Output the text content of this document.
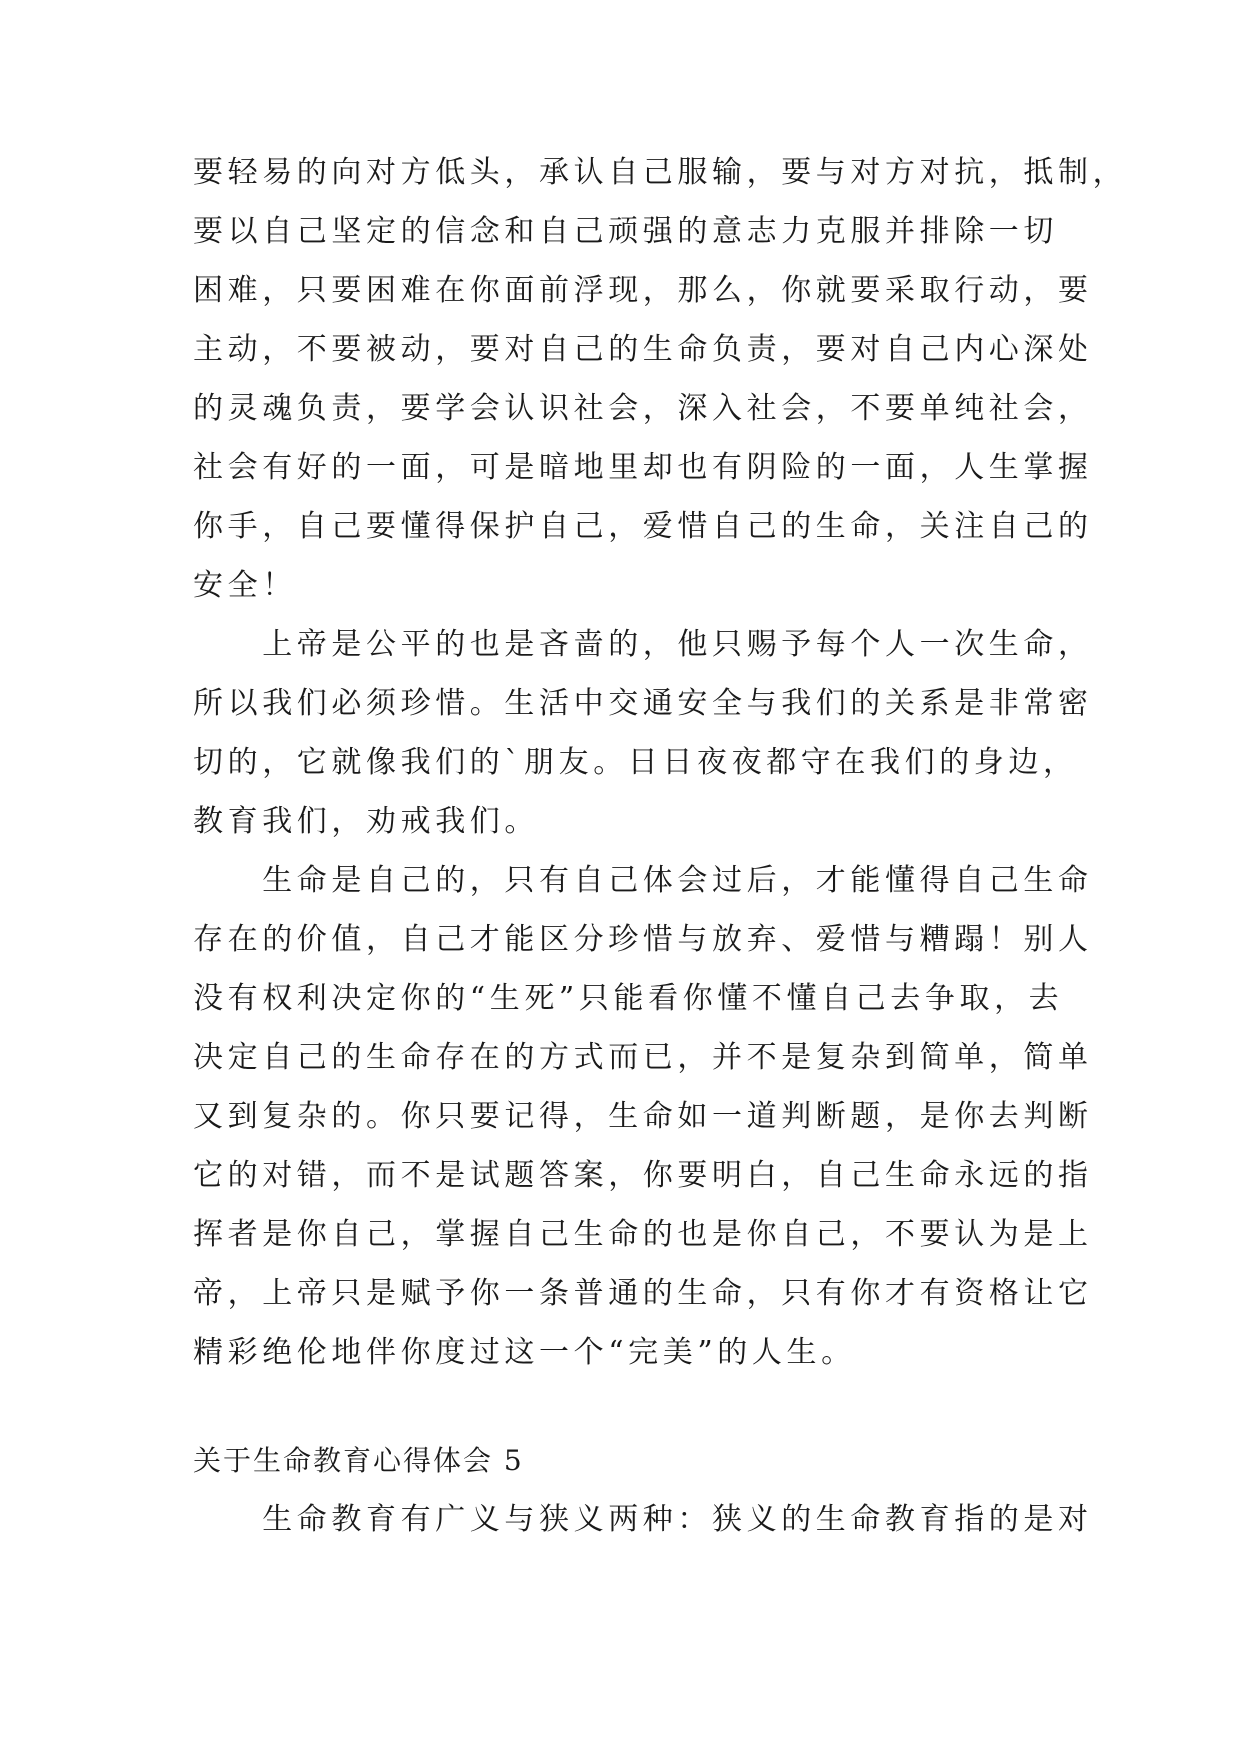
要轻易的向对方低头，承认自己服输，要与对方对抗，抵制，
要以自己坚定的信念和自己顽强的意志力克服并排除一切
困难，只要困难在你面前浮现，那么，你就要采取行动，要
主动，不要被动，要对自己的生命负责，要对自己内心深处
的灵魂负责，要学会认识社会，深入社会，不要单纯社会，
社会有好的一面，可是暗地里却也有阴险的一面，人生掌握
你手，自己要懂得保护自己，爱惜自己的生命，关注自己的
安全！
　　上帝是公平的也是吝啬的，他只赐予每个人一次生命，
所以我们必须珍惜。生活中交通安全与我们的关系是非常密
切的，它就像我们的`朋友。日日夜夜都守在我们的身边，
教育我们，劝戒我们。
　　生命是自己的，只有自己体会过后，才能懂得自己生命
存在的价值，自己才能区分珍惜与放弃、爱惜与糟蹋！别人
没有权利决定你的“生死”只能看你懂不懂自己去争取，去
决定自己的生命存在的方式而已，并不是复杂到简单，简单
又到复杂的。你只要记得，生命如一道判断题，是你去判断
它的对错，而不是试题答案，你要明白，自己生命永远的指
挥者是你自己，掌握自己生命的也是你自己，不要认为是上
帝，上帝只是赋予你一条普通的生命，只有你才有资格让它
精彩绝伦地伴你度过这一个“完美”的人生。
关于生命教育心得体会 5
　　生命教育有广义与狭义两种：狭义的生命教育指的是对
